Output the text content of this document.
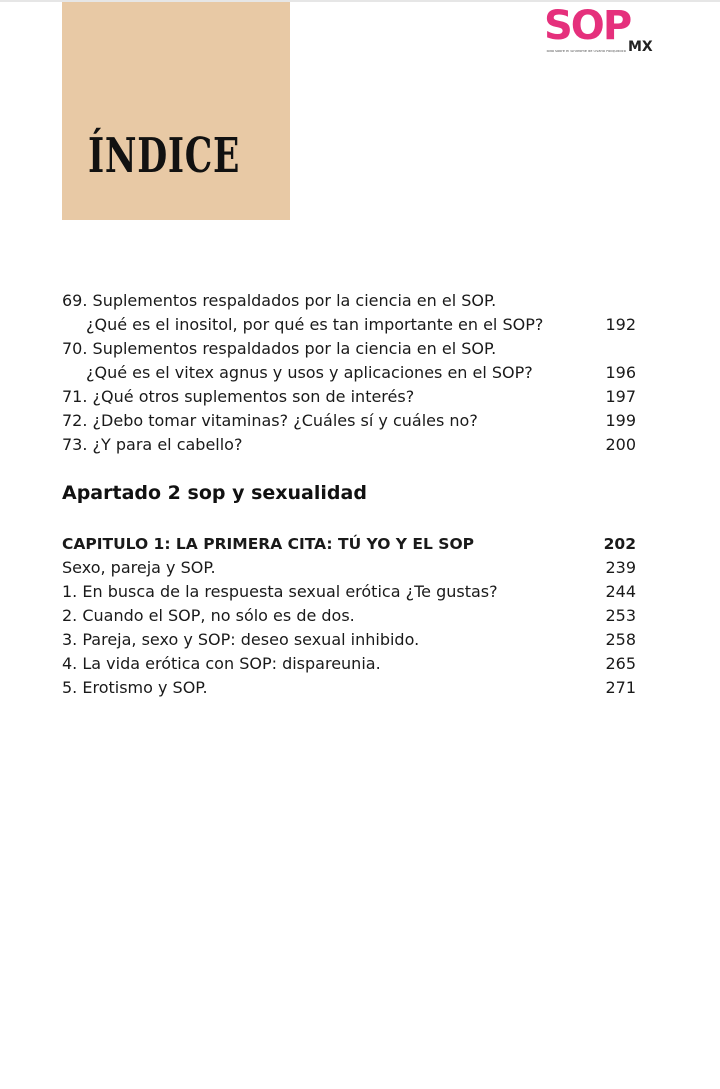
ÍNDICE
SOP
MX
Todo sobre el Síndrome de Ovario Poliquístico
69. Suplementos respaldados por la ciencia en el SOP.
¿Qué es el inositol, por qué es tan importante en el SOP?	192
70. Suplementos respaldados por la ciencia en el SOP.
¿Qué es el vitex agnus y usos y aplicaciones en el SOP?	196
71. ¿Qué otros suplementos son de interés?	197
72. ¿Debo tomar vitaminas? ¿Cuáles sí y cuáles no?	199
73. ¿Y para el cabello?	200
Apartado 2 sop y sexualidad
CAPITULO 1: LA PRIMERA CITA: TÚ YO Y EL SOP	202
Sexo, pareja y SOP.	239
1. En busca de la respuesta sexual erótica ¿Te gustas?	244
2. Cuando el SOP, no sólo es de dos.	253
3. Pareja, sexo y SOP: deseo sexual inhibido.	258
4. La vida erótica con SOP: dispareunia.	265
5. Erotismo y SOP.	271
